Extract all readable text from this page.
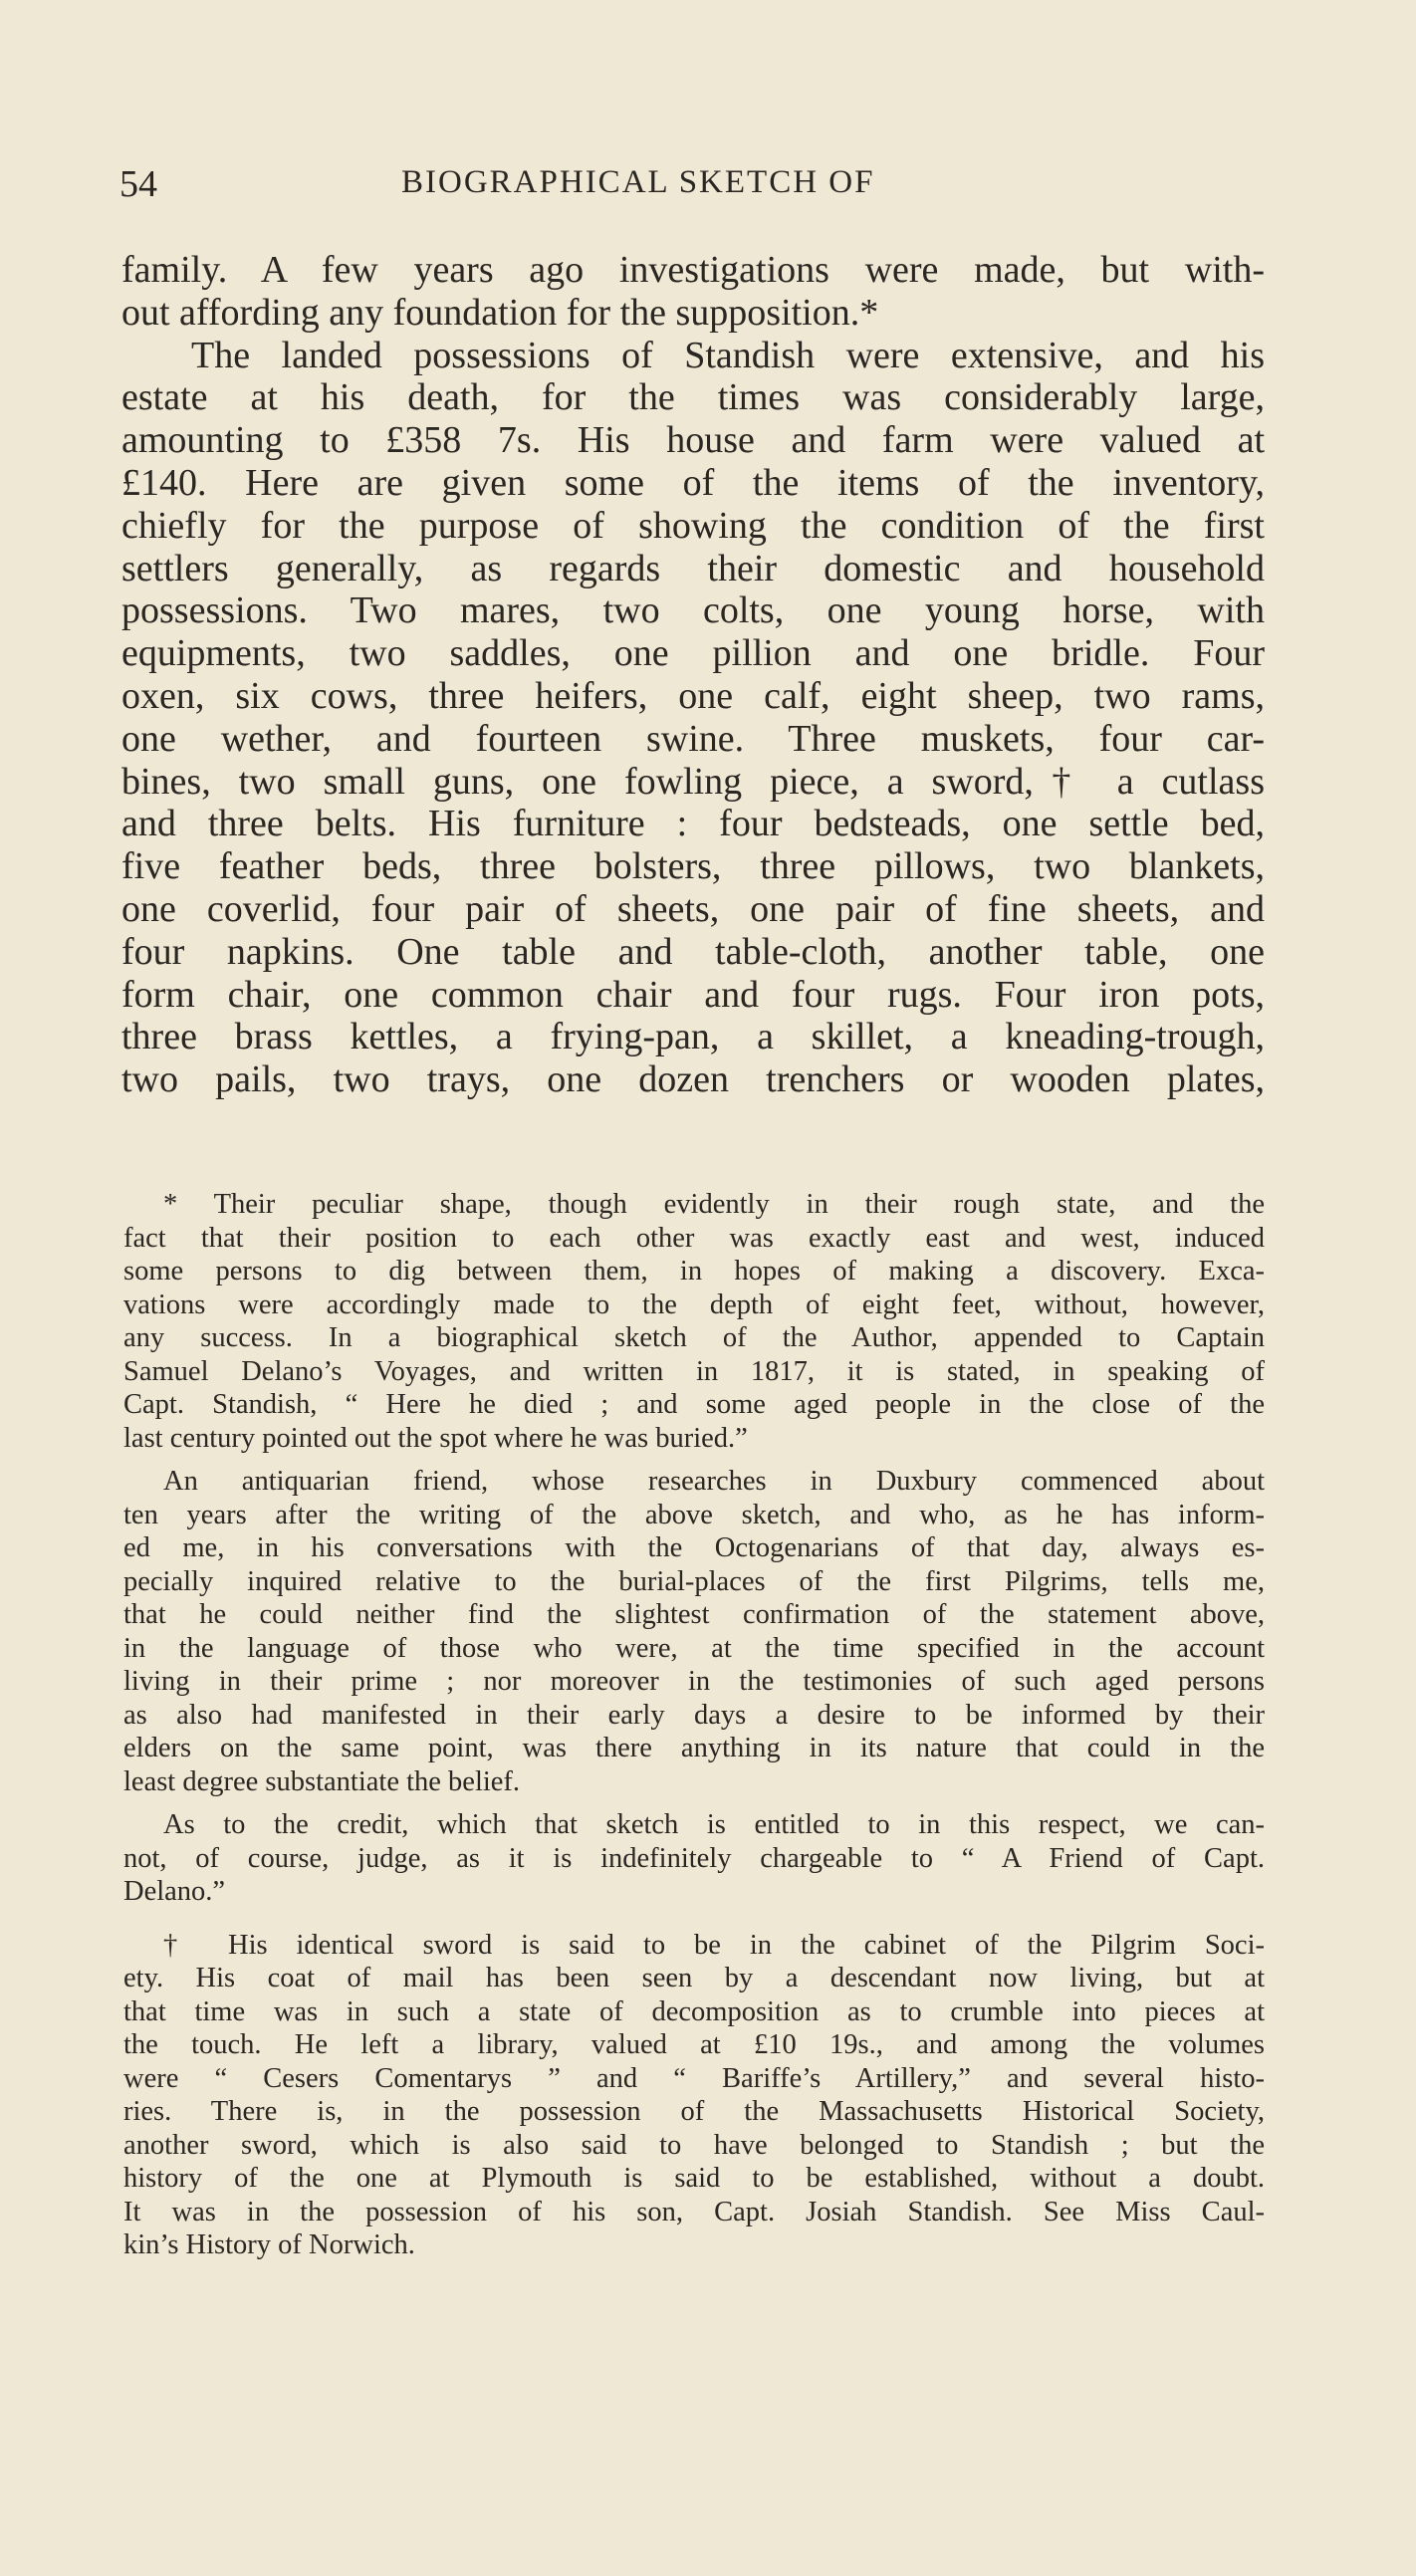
54	BIOGRAPHICAL SKETCH OF
family. A few years ago investigations were made, but with-
out affording any foundation for the supposition.*
The landed possessions of Standish were extensive, and his
estate at his death, for the times was considerably large,
amounting to £358 7s. His house and farm were valued at
£140. Here are given some of the items of the inventory,
chiefly for the purpose of showing the condition of the first
settlers generally, as regards their domestic and household
possessions. Two mares, two colts, one young horse, with
equipments, two saddles, one pillion and one bridle. Four
oxen, six cows, three heifers, one calf, eight sheep, two rams,
one wether, and fourteen swine. Three muskets, four car-
bines, two small guns, one fowling piece, a sword,† a cutlass
and three belts. His furniture : four bedsteads, one settle bed,
five feather beds, three bolsters, three pillows, two blankets,
one coverlid, four pair of sheets, one pair of fine sheets, and
four napkins. One table and table-cloth, another table, one
form chair, one common chair and four rugs. Four iron pots,
three brass kettles, a frying-pan, a skillet, a kneading-trough,
two pails, two trays, one dozen trenchers or wooden plates,
* Their peculiar shape, though evidently in their rough state, and the
fact that their position to each other was exactly east and west, induced
some persons to dig between them, in hopes of making a discovery. Exca-
vations were accordingly made to the depth of eight feet, without, however,
any success. In a biographical sketch of the Author, appended to Captain
Samuel Delano’s Voyages, and written in 1817, it is stated, in speaking of
Capt. Standish, “ Here he died ; and some aged people in the close of the
last century pointed out the spot where he was buried.”
An antiquarian friend, whose researches in Duxbury commenced about
ten years after the writing of the above sketch, and who, as he has inform-
ed me, in his conversations with the Octogenarians of that day, always es-
pecially inquired relative to the burial-places of the first Pilgrims, tells me,
that he could neither find the slightest confirmation of the statement above,
in the language of those who were, at the time specified in the account
living in their prime ; nor moreover in the testimonies of such aged persons
as also had manifested in their early days a desire to be informed by their
elders on the same point, was there anything in its nature that could in the
least degree substantiate the belief.
As to the credit, which that sketch is entitled to in this respect, we can-
not, of course, judge, as it is indefinitely chargeable to “ A Friend of Capt.
Delano.”
† His identical sword is said to be in the cabinet of the Pilgrim Soci-
ety. His coat of mail has been seen by a descendant now living, but at
that time was in such a state of decomposition as to crumble into pieces at
the touch. He left a library, valued at £10 19s., and among the volumes
were “ Cesers Comentarys ” and “ Bariffe’s Artillery,” and several histo-
ries. There is, in the possession of the Massachusetts Historical Society,
another sword, which is also said to have belonged to Standish ; but the
history of the one at Plymouth is said to be established, without a doubt.
It was in the possession of his son, Capt. Josiah Standish. See Miss Caul-
kin’s History of Norwich.
